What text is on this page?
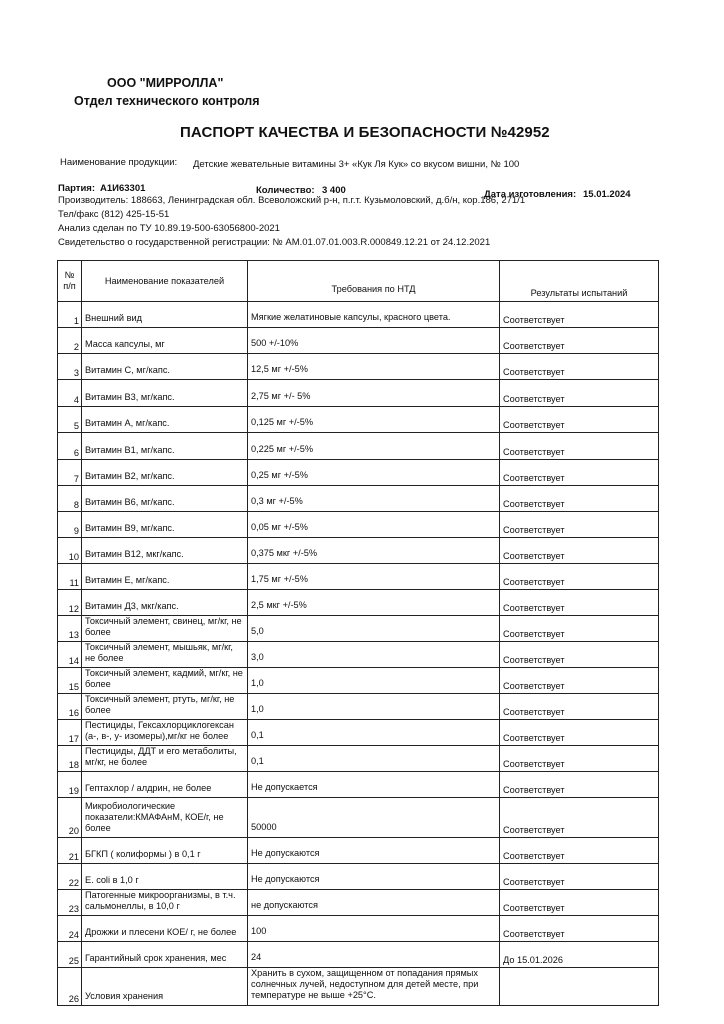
ООО "МИРРОЛЛА"
Отдел технического контроля
ПАСПОРТ КАЧЕСТВА И БЕЗОПАСНОСТИ №42952
Наименование продукции: Детские жевательные витамины 3+ «Кук Ля Кук» со вкусом вишни, № 100
Партия: А1И63301	Количество: 3 400	Дата изготовления: 15.01.2024
Производитель: 188663, Ленинградская обл. Всеволожский р-н, п.г.т. Кузьмоловский, д.б/н, кор.186, 271/1
Тел/факс (812) 425-15-51
Анализ сделан по ТУ 10.89.19-500-63056800-2021
Свидетельство о государственной регистрации: № АМ.01.07.01.003.R.000849.12.21 от 24.12.2021
№ п/п	Наименование показателей	Требования по НТД	Результаты испытаний
1	Внешний вид	Мягкие желатиновые капсулы, красного цвета.	Соответствует
2	Масса капсулы, мг	500 +/-10%	Соответствует
3	Витамин С, мг/капс.	12,5 мг +/-5%	Соответствует
4	Витамин В3, мг/капс.	2,75 мг +/- 5%	Соответствует
5	Витамин А, мг/капс.	0,125 мг +/-5%	Соответствует
6	Витамин В1, мг/капс.	0,225 мг +/-5%	Соответствует
7	Витамин В2, мг/капс.	0,25 мг +/-5%	Соответствует
8	Витамин В6, мг/капс.	0,3 мг +/-5%	Соответствует
9	Витамин В9, мг/капс.	0,05 мг +/-5%	Соответствует
10	Витамин В12, мкг/капс.	0,375 мкг +/-5%	Соответствует
11	Витамин Е, мг/капс.	1,75 мг +/-5%	Соответствует
12	Витамин Д3, мкг/капс.	2,5 мкг +/-5%	Соответствует
13	Токсичный элемент, свинец, мг/кг, не более	5,0	Соответствует
14	Токсичный элемент, мышьяк, мг/кг, не более	3,0	Соответствует
15	Токсичный элемент, кадмий, мг/кг, не более	1,0	Соответствует
16	Токсичный элемент, ртуть, мг/кг, не более	1,0	Соответствует
17	Пестициды, Гексахлорциклогексан (а-, в-, у- изомеры),мг/кг не более	0,1	Соответствует
18	Пестициды, ДДТ и его метаболиты, мг/кг, не более	0,1	Соответствует
19	Гептахлор / алдрин, не более	Не допускается	Соответствует
20	Микробиологические показатели:КМАФАнМ, КОЕ/г, не более	50000	Соответствует
21	БГКП ( колиформы ) в 0,1 г	Не допускаются	Соответствует
22	E. coli в 1,0 г	Не допускаются	Соответствует
23	Патогенные микроорганизмы, в т.ч. сальмонеллы, в 10,0 г	не допускаются	Соответствует
24	Дрожжи и плесени КОЕ/ г, не более	100	Соответствует
25	Гарантийный срок хранения, мес	24	До 15.01.2026
26	Условия хранения	Хранить в сухом, защищенном от попадания прямых солнечных лучей, недоступном для детей месте, при температуре не выше +25°С.	
